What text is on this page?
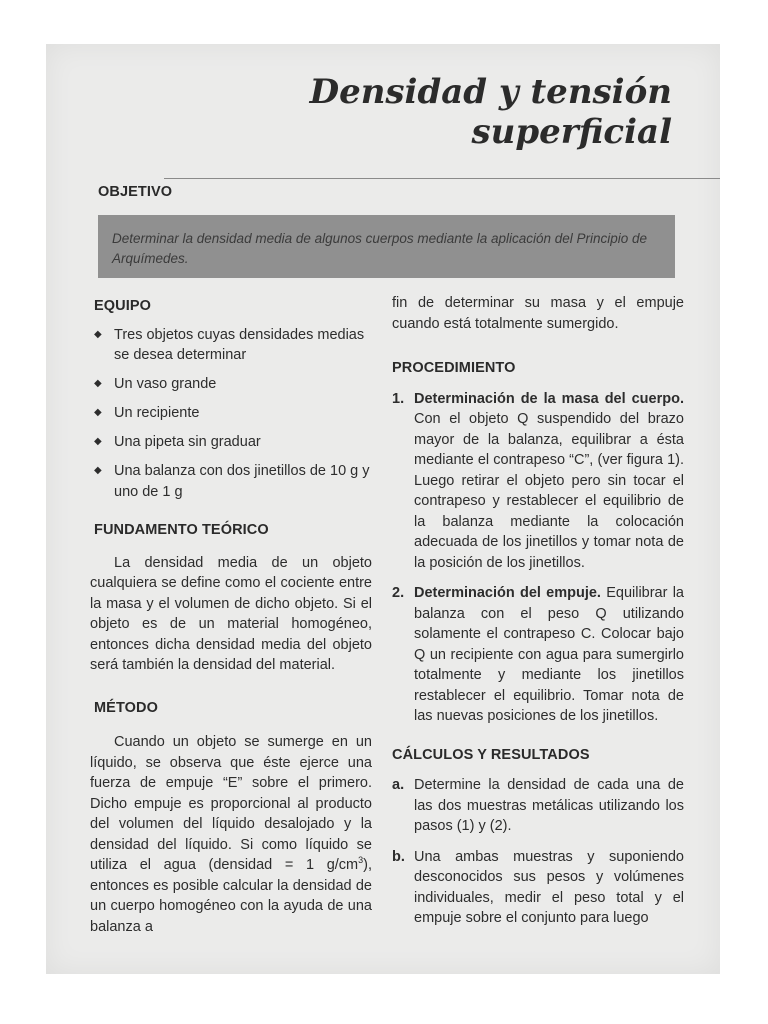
Densidad y tensión
superficial
OBJETIVO
Determinar la densidad media de algunos cuerpos mediante la aplicación del Principio de Arquímedes.
EQUIPO
◆ Tres objetos cuyas densidades medias se desea determinar
◆ Un vaso grande
◆ Un recipiente
◆ Una pipeta sin graduar
◆ Una balanza con dos jinetillos de 10 g y uno de 1 g
FUNDAMENTO TEÓRICO

La densidad media de un objeto cualquiera se define como el cociente entre la masa y el volumen de dicho objeto. Si el objeto es de un material homogéneo, entonces dicha densidad media del objeto será también la densidad del material.

MÉTODO

Cuando un objeto se sumerge en un líquido, se observa que éste ejerce una fuerza de empuje “E” sobre el primero. Dicho empuje es proporcional al producto del volumen del líquido desalojado y la densidad del líquido. Si como líquido se utiliza el agua (densidad = 1 $g/cm^3$), entonces es posible calcular la densidad de un cuerpo homogéneo con la ayuda de una balanza a

fin de determinar su masa y el empuje cuando está totalmente sumergido.

PROCEDIMIENTO
1. Determinación de la masa del cuerpo. Con el objeto Q suspendido del brazo mayor de la balanza, equilibrar a ésta mediante el contrapeso “C”, (ver figura 1). Luego retirar el objeto pero sin tocar el contrapeso y restablecer el equilibrio de la balanza mediante la colocación adecuada de los jinetillos y tomar nota de la posición de los jinetillos.
2. Determinación del empuje. Equilibrar la balanza con el peso Q utilizando solamente el contrapeso C. Colocar bajo Q un recipiente con agua para sumergirlo totalmente y mediante los jinetillos restablecer el equilibrio. Tomar nota de las nuevas posiciones de los jinetillos.
CÁLCULOS Y RESULTADOS
a. Determine la densidad de cada una de las dos muestras metálicas utilizando los pasos (1) y (2).
b. Una ambas muestras y suponiendo desconocidos sus pesos y volúmenes individuales, medir el peso total y el empuje sobre el conjunto para luego
